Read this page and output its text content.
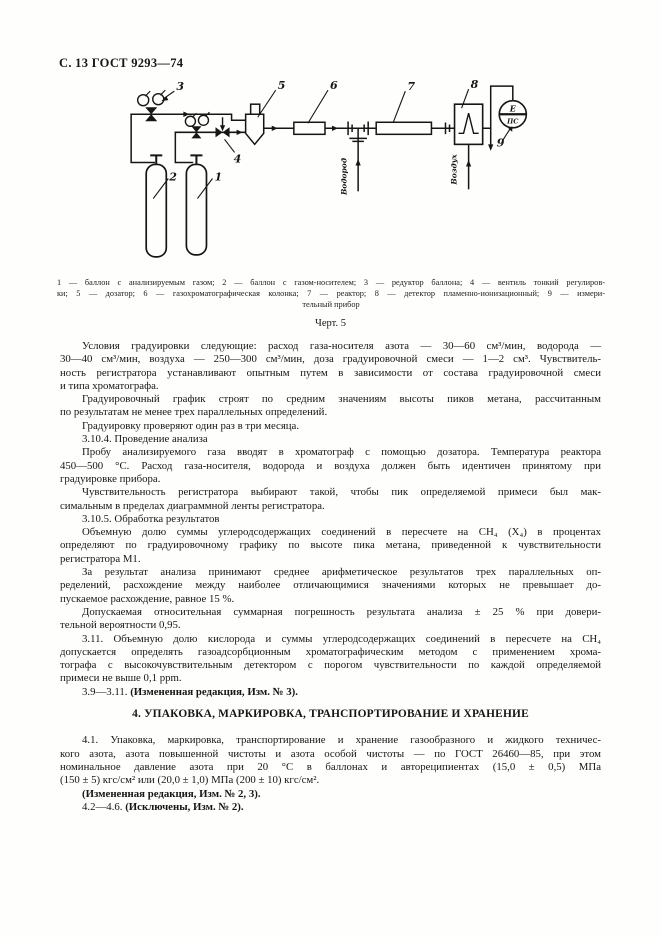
С. 13 ГОСТ 9293—74
Е
ПС
1
2
3
4
5	6	7	8
9
Водород	Воздух
1 — баллон с анализируемым газом; 2 — баллон с газом-носителем; 3 — редуктор баллона; 4 — вентиль тонкий регулиров-
ки; 5 — дозатор; 6 — газохроматографическая колонка; 7 — реактор; 8 — детектор пламенно-ионизационный; 9 — измери-
тельный прибор
Черт. 5
Условия градуировки следующие: расход газа-носителя азота — 30—60 см³/мин, водорода —
30—40 см³/мин, воздуха — 250—300 см³/мин, доза градуировочной смеси — 1—2 см³. Чувствитель-
ность регистратора устанавливают опытным путем в зависимости от состава градуировочной смеси
и типа хроматографа.
Градуировочный график строят по средним значениям высоты пиков метана, рассчитанным
по результатам не менее трех параллельных определений.
Градуировку проверяют один раз в три месяца.
3.10.4. Проведение анализа
Пробу анализируемого газа вводят в хроматограф с помощью дозатора. Температура реактора
450—500 °С. Расход газа-носителя, водорода и воздуха должен быть идентичен принятому при
градуировке прибора.
Чувствительность регистратора выбирают такой, чтобы пик определяемой примеси был мак-
симальным в пределах диаграммной ленты регистратора.
3.10.5. Обработка результатов
Объемную долю суммы углеродсодержащих соединений в пересчете на СН₄ (Х₄) в процентах
определяют по градуировочному графику по высоте пика метана, приведенной к чувствительности
регистратора М1.
За результат анализа принимают среднее арифметическое результатов трех параллельных оп-
ределений, расхождение между наиболее отличающимися значениями которых не превышает до-
пускаемое расхождение, равное 15 %.
Допускаемая относительная суммарная погрешность результата анализа ± 25 % при довери-
тельной вероятности 0,95.
3.11. Объемную долю кислорода и суммы углеродсодержащих соединений в пересчете на СН₄
допускается определять газоадсорбционным хроматографическим методом с применением хрома-
тографа с высокочувствительным детектором с порогом чувствительности по каждой определяемой
примеси не выше 0,1 ppm.
3.9—3.11. (Измененная редакция, Изм. № 3).
4. УПАКОВКА, МАРКИРОВКА, ТРАНСПОРТИРОВАНИЕ И ХРАНЕНИЕ
4.1. Упаковка, маркировка, транспортирование и хранение газообразного и жидкого техничес-
кого азота, азота повышенной чистоты и азота особой чистоты — по ГОСТ 26460—85, при этом
номинальное давление азота при 20 °С в баллонах и автореципиентах (15,0 ± 0,5) МПа
(150 ± 5) кгс/см² или (20,0 ± 1,0) МПа (200 ± 10) кгс/см².
(Измененная редакция, Изм. № 2, 3).
4.2—4.6. (Исключены, Изм. № 2).
